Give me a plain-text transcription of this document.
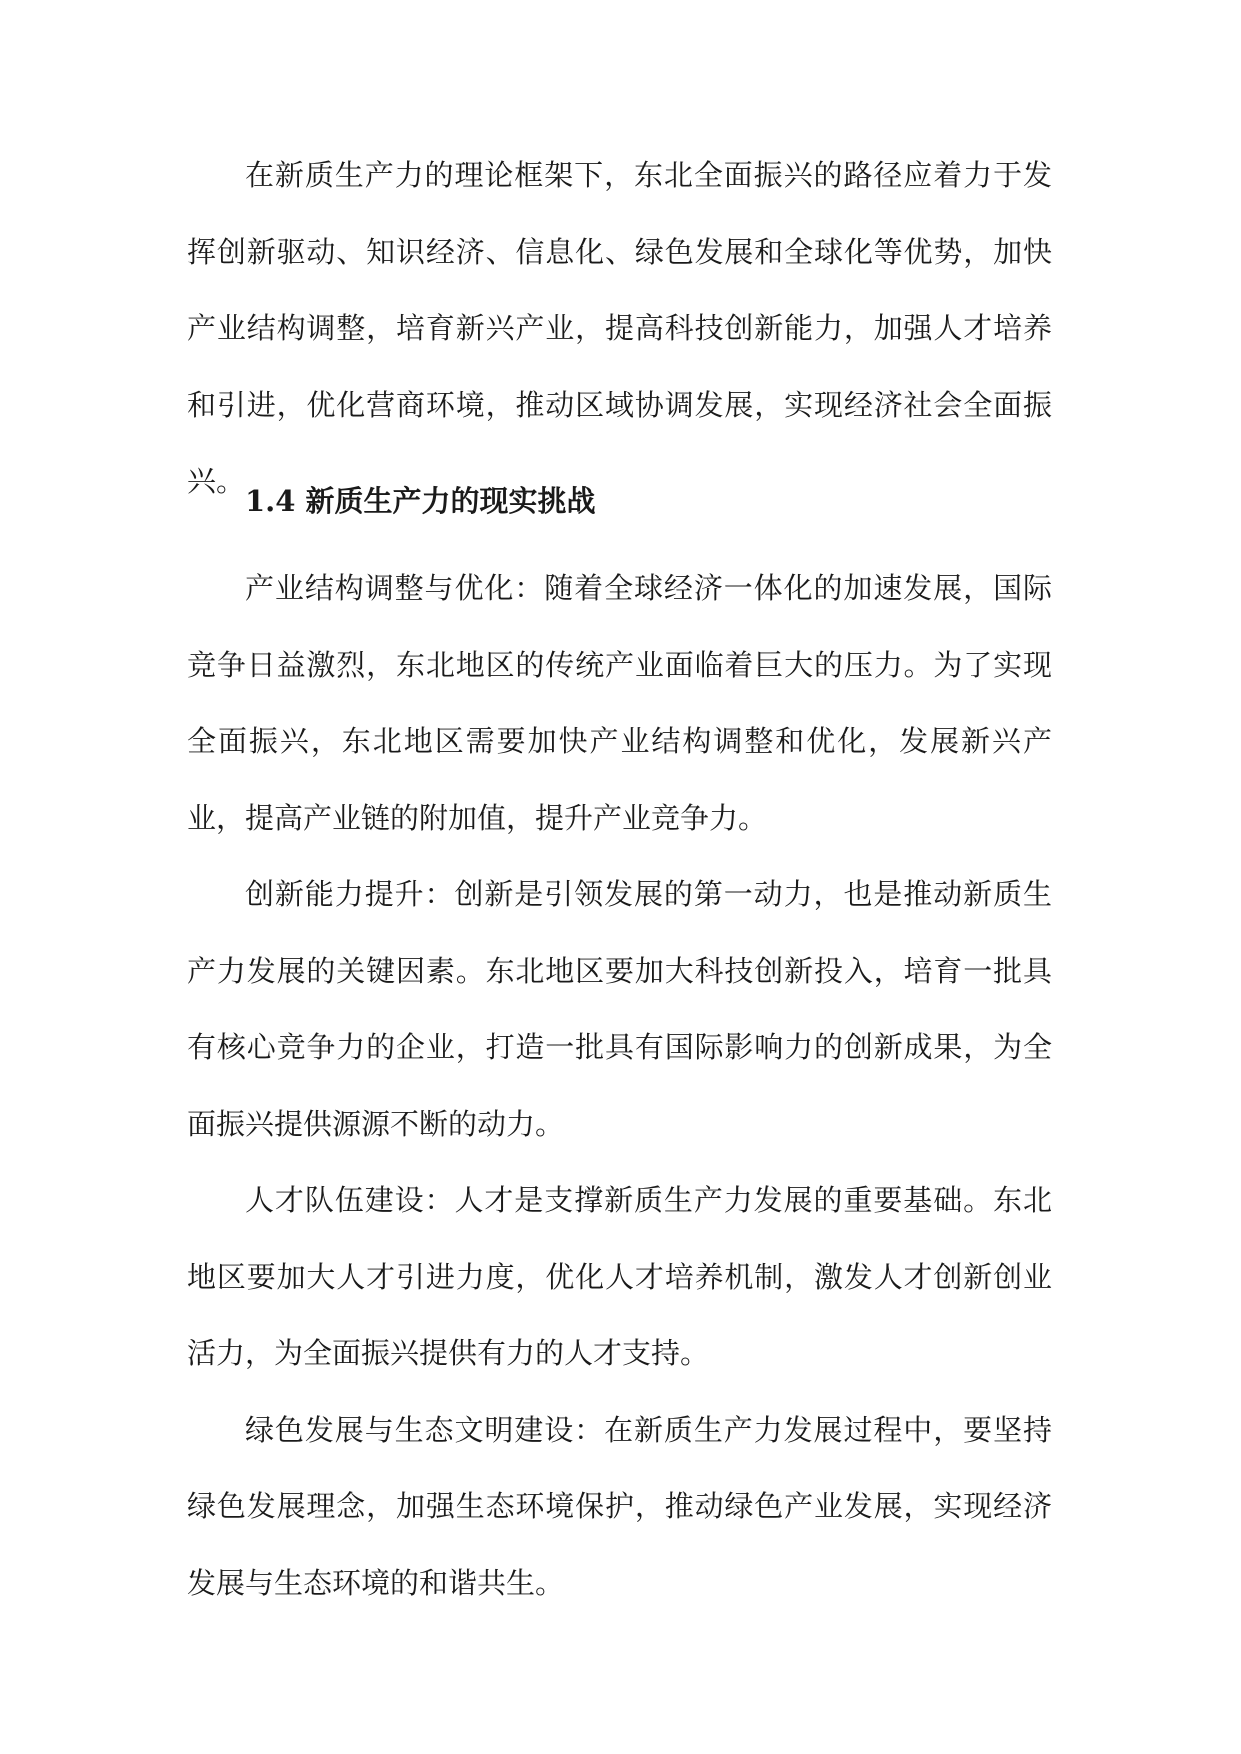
在新质生产力的理论框架下，东北全面振兴的路径应着力于发挥创新驱动、知识经济、信息化、绿色发展和全球化等优势，加快产业结构调整，培育新兴产业，提高科技创新能力，加强人才培养和引进，优化营商环境，推动区域协调发展，实现经济社会全面振兴。

1.4 新质生产力的现实挑战

产业结构调整与优化：随着全球经济一体化的加速发展，国际竞争日益激烈，东北地区的传统产业面临着巨大的压力。为了实现全面振兴，东北地区需要加快产业结构调整和优化，发展新兴产业，提高产业链的附加值，提升产业竞争力。

创新能力提升：创新是引领发展的第一动力，也是推动新质生产力发展的关键因素。东北地区要加大科技创新投入，培育一批具有核心竞争力的企业，打造一批具有国际影响力的创新成果，为全面振兴提供源源不断的动力。

人才队伍建设：人才是支撑新质生产力发展的重要基础。东北地区要加大人才引进力度，优化人才培养机制，激发人才创新创业活力，为全面振兴提供有力的人才支持。

绿色发展与生态文明建设：在新质生产力发展过程中，要坚持绿色发展理念，加强生态环境保护，推动绿色产业发展，实现经济发展与生态环境的和谐共生。
